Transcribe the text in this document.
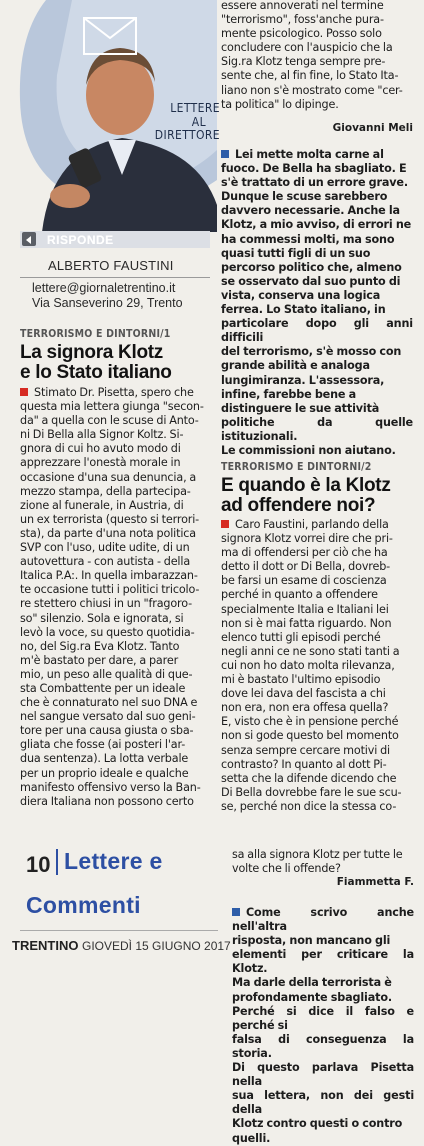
LETTERE
AL
DIRETTORE
RISPONDE
ALBERTO FAUSTINI
lettere@giornaletrentino.it
Via Sanseverino 29, Trento
TERRORISMO E DINTORNI/1
La signora Klotz
e lo Stato italiano

Stimato Dr. Pisetta, spero che

questa mia lettera giunga "secon-

da" a quella con le scuse di Anto-

ni Di Bella alla Signor Koltz. Si-

gnora di cui ho avuto modo di

apprezzare l'onestà morale in

occasione d'una sua denuncia, a

mezzo stampa, della partecipa-

zione al funerale, in Austria, di

un ex terrorista (questo si terrori-

sta), da parte d'una nota politica

SVP con l'uso, udite udite, di un

autovettura - con autista - della

Italica P.A:. In quella imbarazzan-

te occasione tutti i politici tricolo-

re stettero chiusi in un "fragoro-

so" silenzio. Sola e ignorata, si

levò la voce, su questo quotidia-

no, del Sig.ra Eva Klotz. Tanto

m'è bastato per dare, a parer

mio, un peso alle qualità di que-

sta Combattente per un ideale

che è connaturato nel suo DNA e

nel sangue versato dal suo geni-

tore per una causa giusta o sba-

gliata che fosse (ai posteri l'ar-

dua sentenza). La lotta verbale

per un proprio ideale e qualche

manifesto offensivo verso la Ban-

diera Italiana non possono certo

essere annoverati nel termine

"terrorismo", foss'anche pura-

mente psicologico. Posso solo

concludere con l'auspicio che la

Sig.ra Klotz tenga sempre pre-

sente che, al fin fine, lo Stato Ita-

liano non s'è mostrato come "cer-

ta politica" lo dipinge.

Giovanni Meli

Lei mette molta carne al

fuoco. De Bella ha sbagliato. E

s'è trattato di un errore grave.

Dunque le scuse sarebbero

davvero necessarie. Anche la

Klotz, a mio avviso, di errori ne

ha commessi molti, ma sono

quasi tutti figli di un suo

percorso politico che, almeno

se osservato dal suo punto di

vista, conserva una logica

ferrea. Lo Stato italiano, in

particolare dopo gli anni difficili

del terrorismo, s'è mosso con

grande abilità e analoga

lungimiranza. L'assessora,

infine, farebbe bene a

distinguere le sue attività

politiche da quelle istituzionali.

Le commissioni non aiutano.

TERRORISMO E DINTORNI/2
E quando è la Klotz
ad offendere noi?

Caro Faustini, parlando della

signora Klotz vorrei dire che pri-

ma di offendersi per ciò che ha

detto il dott or Di Bella, dovreb-

be farsi un esame di coscienza

perché in quanto a offendere

specialmente Italia e Italiani lei

non si è mai fatta riguardo. Non

elenco tutti gli episodi perché

negli anni ce ne sono stati tanti a

cui non ho dato molta rilevanza,

mi è bastato l'ultimo episodio

dove lei dava del fascista a chi

non era, non era offesa quella?

E, visto che è in pensione perché

non si gode questo bel momento

senza sempre cercare motivi di

contrasto? In quanto al dott Pi-

setta che la difende dicendo che

Di Bella dovrebbe fare le sue scu-

se, perché non dice la stessa co-

sa alla signora Klotz per tutte le

volte che li offende?

Fiammetta F.

Come scrivo anche nell'altra

risposta, non mancano gli

elementi per criticare la Klotz.

Ma darle della terrorista è

profondamente sbagliato.

Perché si dice il falso e perché si

falsa di conseguenza la storia.

Di questo parlava Pisetta nella

sua lettera, non dei gesti della

Klotz contro questi o contro

quelli.

10 Lettere e
Commenti
TRENTINO GIOVEDÌ 15 GIUGNO 2017
